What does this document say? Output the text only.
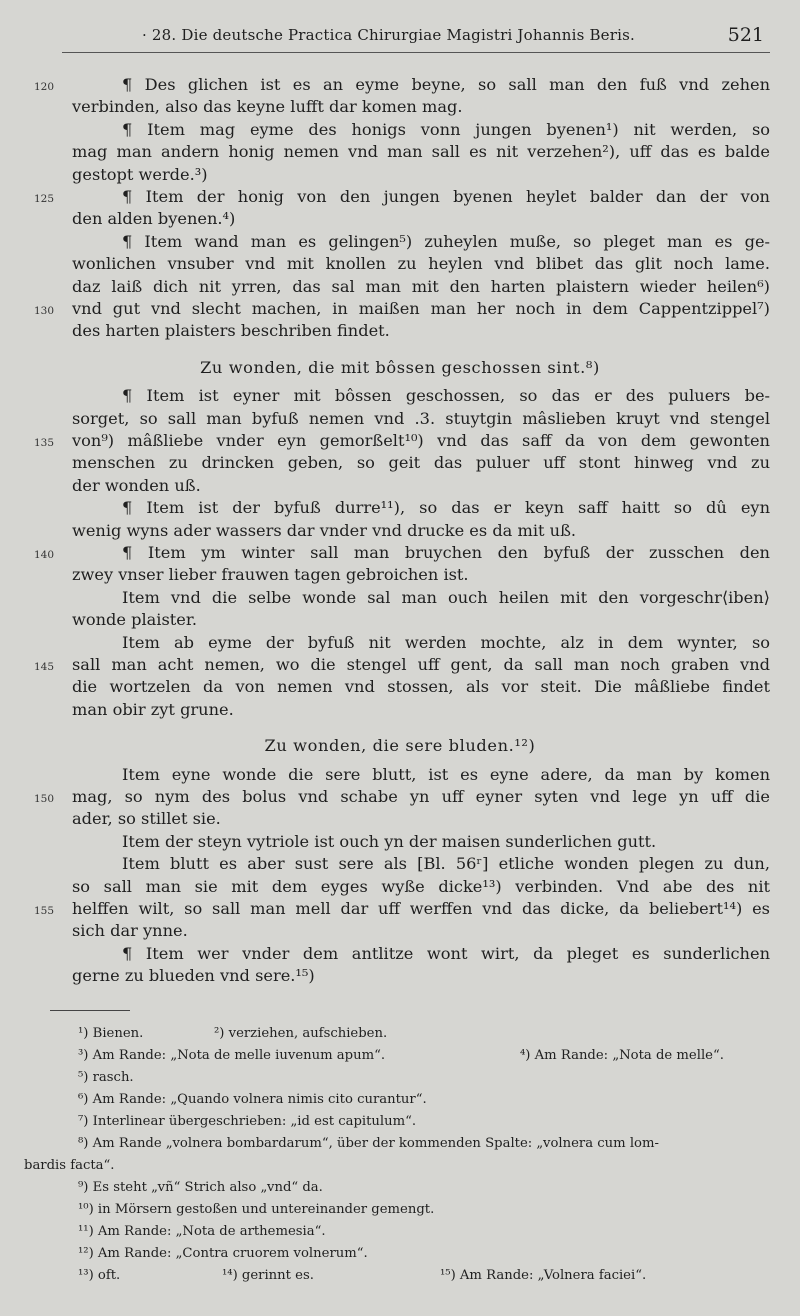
· 28. Die deutsche Practica Chirurgiae Magistri Johannis Beris.	521
120	¶ Des glichen ist es an eyme beyne, so sall man den fuß vnd zehen
verbinden, also das keyne lufft dar komen mag.
¶ Item mag eyme des honigs vonn jungen byenen¹) nit werden, so
mag man andern honig nemen vnd man sall es nit verzehen²), uff das es balde
gestopt werde.³)
125	¶ Item der honig von den jungen byenen heylet balder dan der von
den alden byenen.⁴)
¶ Item wand man es gelingen⁵) zuheylen muße, so pleget man es ge-
wonlichen vnsuber vnd mit knollen zu heylen vnd blibet das glit noch lame.
daz laiß dich nit yrren, das sal man mit den harten plaistern wieder heilen⁶)
130 vnd gut vnd slecht machen, in maißen man her noch in dem Cappentzippel⁷)
des harten plaisters beschriben findet.
Zu wonden, die mit bôssen geschossen sint.⁸)
¶ Item ist eyner mit bôssen geschossen, so das er des puluers be-
sorget, so sall man byfuß nemen vnd .3. stuytgin mâslieben kruyt vnd stengel
135 von⁹) mâßliebe vnder eyn gemorßelt¹⁰) vnd das saff da von dem gewonten
menschen zu drincken geben, so geit das puluer uff stont hinweg vnd zu
der wonden uß.
¶ Item ist der byfuß durre¹¹), so das er keyn saff haitt so dû eyn
wenig wyns ader wassers dar vnder vnd drucke es da mit uß.
140	¶ Item ym winter sall man bruychen den byfuß der zusschen den
zwey vnser lieber frauwen tagen gebroichen ist.
Item vnd die selbe wonde sal man ouch heilen mit den vorgeschr⟨iben⟩
wonde plaister.
Item ab eyme der byfuß nit werden mochte, alz in dem wynter, so
145 sall man acht nemen, wo die stengel uff gent, da sall man noch graben vnd
die wortzelen da von nemen vnd stossen, als vor steit. Die mâßliebe findet
man obir zyt grune.
Zu wonden, die sere bluden.¹²)
Item eyne wonde die sere blutt, ist es eyne adere, da man by komen
150 mag, so nym des bolus vnd schabe yn uff eyner syten vnd lege yn uff die
ader, so stillet sie.
Item der steyn vytriole ist ouch yn der maisen sunderlichen gutt.
Item blutt es aber sust sere als [Bl. 56ʳ] etliche wonden plegen zu dun,
so sall man sie mit dem eyges wyße dicke¹³) verbinden. Vnd abe des nit
155 helffen wilt, so sall man mell dar uff werffen vnd das dicke, da beliebert¹⁴) es
sich dar ynne.
¶ Item wer vnder dem antlitze wont wirt, da pleget es sunderlichen
gerne zu blueden vnd sere.¹⁵)
¹) Bienen.	²) verziehen, aufschieben.
³) Am Rande: „Nota de melle iuvenum apum“.	⁴) Am Rande: „Nota de melle“.
⁵) rasch.
⁶) Am Rande: „Quando volnera nimis cito curantur“.
⁷) Interlinear übergeschrieben: „id est capitulum“.
⁸) Am Rande „volnera bombardarum“, über der kommenden Spalte: „volnera cum lom-
bardis facta“.
⁹) Es steht „vñ“ Strich also „vnd“ da.
¹⁰) in Mörsern gestoßen und untereinander gemengt.
¹¹) Am Rande: „Nota de arthemesia“.
¹²) Am Rande: „Contra cruorem volnerum“.
¹³) oft.	¹⁴) gerinnt es.	¹⁵) Am Rande: „Volnera faciei“.
